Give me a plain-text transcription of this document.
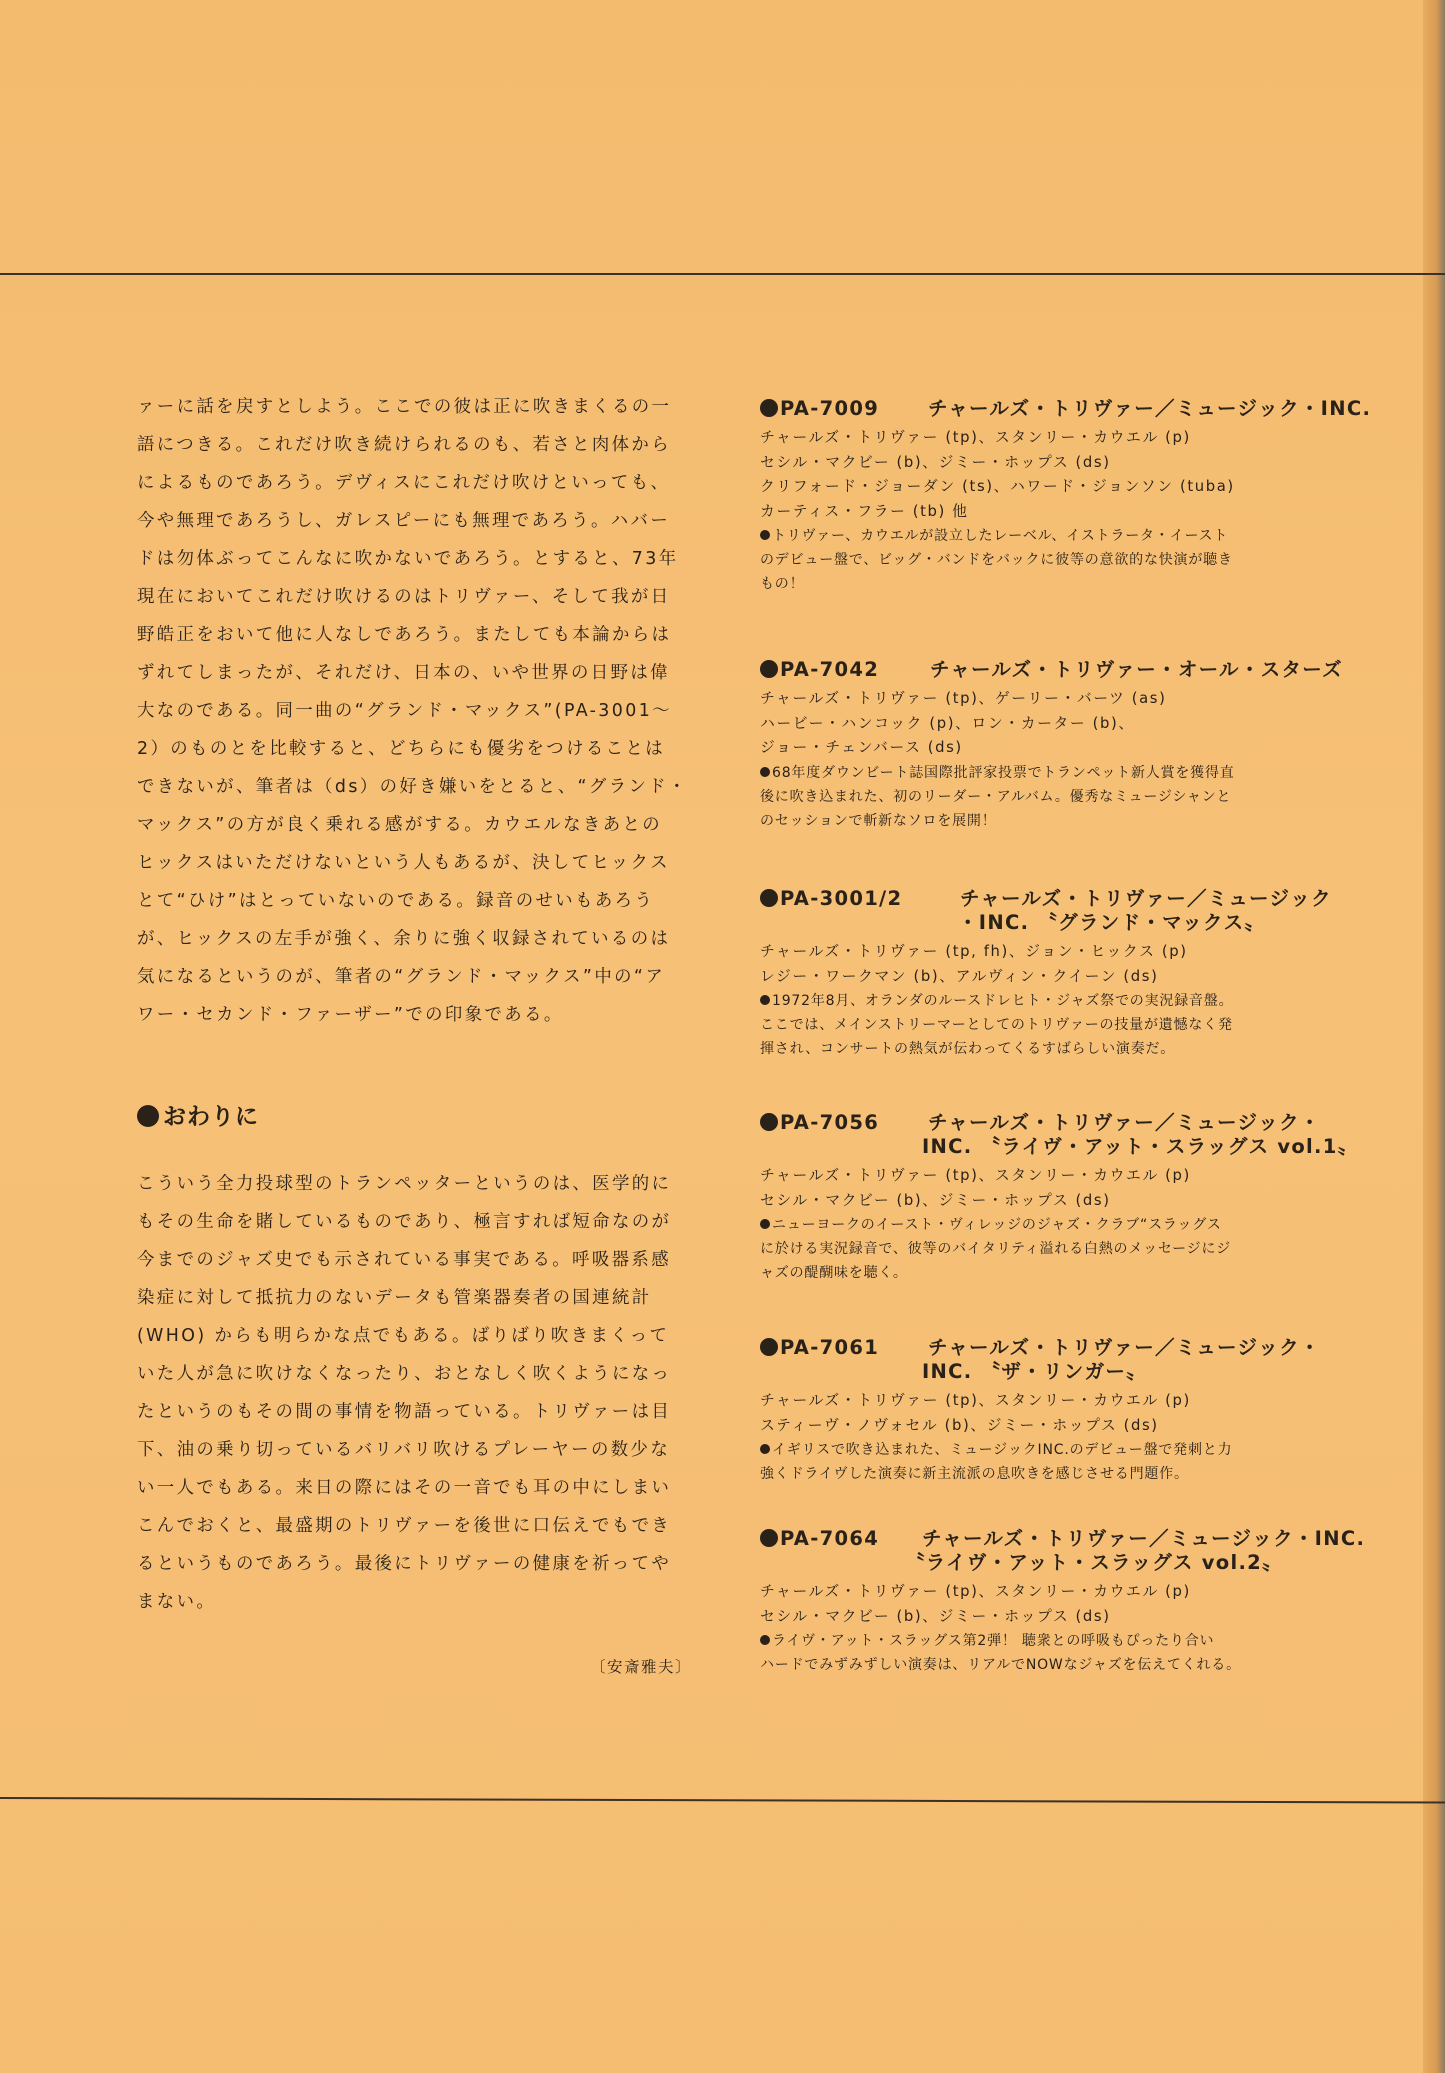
ァーに話を戻すとしよう。ここでの彼は正に吹きまくるの一

語につきる。これだけ吹き続けられるのも、若さと肉体から

によるものであろう。デヴィスにこれだけ吹けといっても、

今や無理であろうし、ガレスピーにも無理であろう。ハバー

ドは勿体ぶってこんなに吹かないであろう。とすると、73年

現在においてこれだけ吹けるのはトリヴァー、そして我が日

野皓正をおいて他に人なしであろう。またしても本論からは

ずれてしまったが、それだけ、日本の、いや世界の日野は偉

大なのである。同一曲の“グランド・マックス”(PA-3001〜

2）のものとを比較すると、どちらにも優劣をつけることは

できないが、筆者は（ds）の好き嫌いをとると、“グランド・

マックス”の方が良く乗れる感がする。カウエルなきあとの

ヒックスはいただけないという人もあるが、決してヒックス

とて“ひけ”はとっていないのである。録音のせいもあろう

が、ヒックスの左手が強く、余りに強く収録されているのは

気になるというのが、筆者の“グランド・マックス”中の“ア

ワー・セカンド・ファーザー”での印象である。

おわりに

こういう全力投球型のトランペッターというのは、医学的に

もその生命を賭しているものであり、極言すれば短命なのが

今までのジャズ史でも示されている事実である。呼吸器系感

染症に対して抵抗力のないデータも管楽器奏者の国連統計

(WHO) からも明らかな点でもある。ばりばり吹きまくって

いた人が急に吹けなくなったり、おとなしく吹くようになっ

たというのもその間の事情を物語っている。トリヴァーは目

下、油の乗り切っているバリバリ吹けるプレーヤーの数少な

い一人でもある。来日の際にはその一音でも耳の中にしまい

こんでおくと、最盛期のトリヴァーを後世に口伝えでもでき

るというものであろう。最後にトリヴァーの健康を祈ってや

まない。

〔安斎雅夫〕
PA-7009	チャールズ・トリヴァー／ミュージック・INC.
チャールズ・トリヴァー (tp)、スタンリー・カウエル (p)
セシル・マクビー (b)、ジミー・ホップス (ds)
クリフォード・ジョーダン (ts)、ハワード・ジョンソン (tuba)
カーティス・フラー (tb) 他
トリヴァー、カウエルが設立したレーベル、イストラータ・イースト
のデビュー盤で、ビッグ・バンドをバックに彼等の意欲的な快演が聴き
もの！
PA-7042	チャールズ・トリヴァー・オール・スターズ
チャールズ・トリヴァー (tp)、ゲーリー・バーツ (as)
ハービー・ハンコック (p)、ロン・カーター (b)、
ジョー・チェンバース (ds)
68年度ダウンビート誌国際批評家投票でトランペット新人賞を獲得直
後に吹き込まれた、初のリーダー・アルバム。優秀なミュージシャンと
のセッションで斬新なソロを展開！
PA-3001/2	チャールズ・トリヴァー／ミュージック
・INC. 〝グランド・マックス〟
チャールズ・トリヴァー (tp, fh)、ジョン・ヒックス (p)
レジー・ワークマン (b)、アルヴィン・クイーン (ds)
1972年8月、オランダのルースドレヒト・ジャズ祭での実況録音盤。
ここでは、メインストリーマーとしてのトリヴァーの技量が遺憾なく発
揮され、コンサートの熱気が伝わってくるすばらしい演奏だ。
PA-7056	チャールズ・トリヴァー／ミュージック・
INC. 〝ライヴ・アット・スラッグス vol.1〟
チャールズ・トリヴァー (tp)、スタンリー・カウエル (p)
セシル・マクビー (b)、ジミー・ホップス (ds)
ニューヨークのイースト・ヴィレッジのジャズ・クラブ“スラッグス
に於ける実況録音で、彼等のバイタリティ溢れる白熱のメッセージにジ
ャズの醍醐味を聴く。
PA-7061	チャールズ・トリヴァー／ミュージック・
INC. 〝ザ・リンガー〟
チャールズ・トリヴァー (tp)、スタンリー・カウエル (p)
スティーヴ・ノヴォセル (b)、ジミー・ホップス (ds)
イギリスで吹き込まれた、ミュージックINC.のデビュー盤で発刺と力
強くドライヴした演奏に新主流派の息吹きを感じさせる門題作。
PA-7064 チャールズ・トリヴァー／ミュージック・INC.
〝ライヴ・アット・スラッグス vol.2〟
チャールズ・トリヴァー (tp)、スタンリー・カウエル (p)
セシル・マクビー (b)、ジミー・ホップス (ds)
ライヴ・アット・スラッグス第2弾！ 聴衆との呼吸もぴったり合い
ハードでみずみずしい演奏は、リアルでNOWなジャズを伝えてくれる。
